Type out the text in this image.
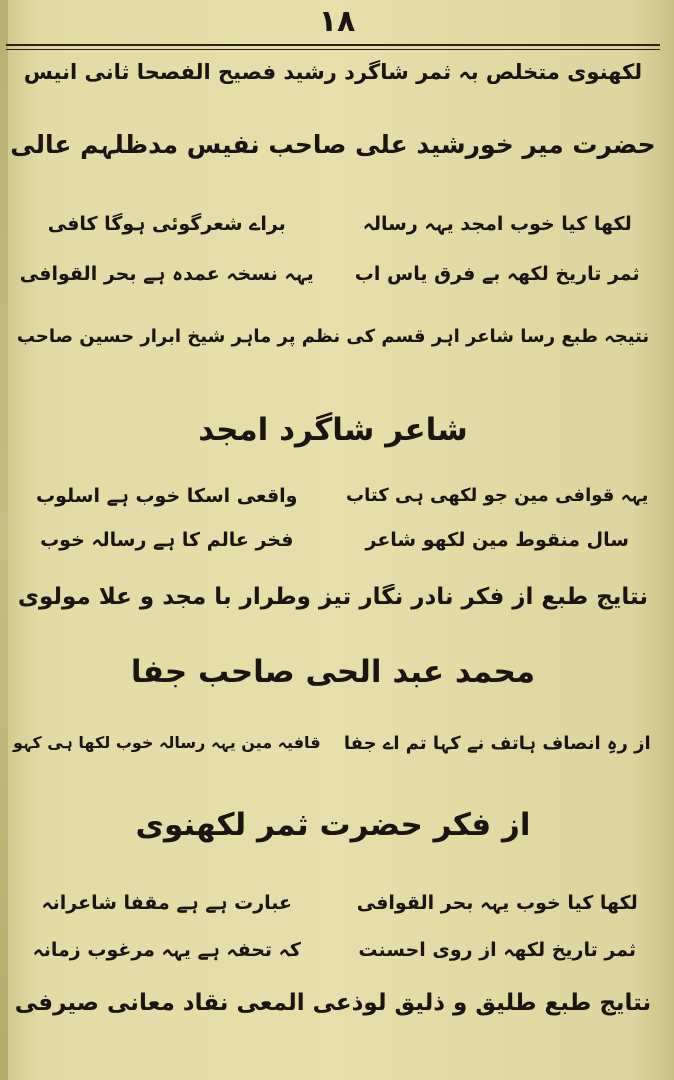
١٨
لکھنوی متخلص بہ ثمر شاگرد رشید فصیح الفصحا ثانی انیس
حضرت میر خورشید علی صاحب نفیس مدظلہم عالی
لکھا کیا خوب امجد یہہ رسالہ
براے شعرگوئی ہوگا کافی
ثمر تاریخ لکھہ بے فرق یاس اب
یہہ نسخہ عمدہ ہے بحر القوافی
نتیجہ طبع رسا شاعر اہر قسم کی نظم پر ماہر شیخ ابرار حسین صاحب
شاعر شاگرد امجد
یہہ قوافی مین جو لکھی ہی کتاب
واقعی اسکا خوب ہے اسلوب
سال منقوط مین لکھو شاعر
فخر عالم کا ہے رسالہ خوب
نتایج طبع از فکر نادر نگار تیز وطرار با مجد و علا مولوی
محمد عبد الحی صاحب جفا
از رہِ انصاف ہاتف نے کہا تم اے جفا
قافیہ مین یہہ رسالہ خوب لکھا ہی کہو
از فکر حضرت ثمر لکھنوی
لکھا کیا خوب یہہ بحر القوافی
عبارت ہے ہے مقفا شاعرانہ
ثمر تاریخ لکھہ از روی احسنت
کہ تحفہ ہے یہہ مرغوب زمانہ
نتایج طبع طلیق و ذلیق لوذعی المعی نقاد معانی صیرفی
